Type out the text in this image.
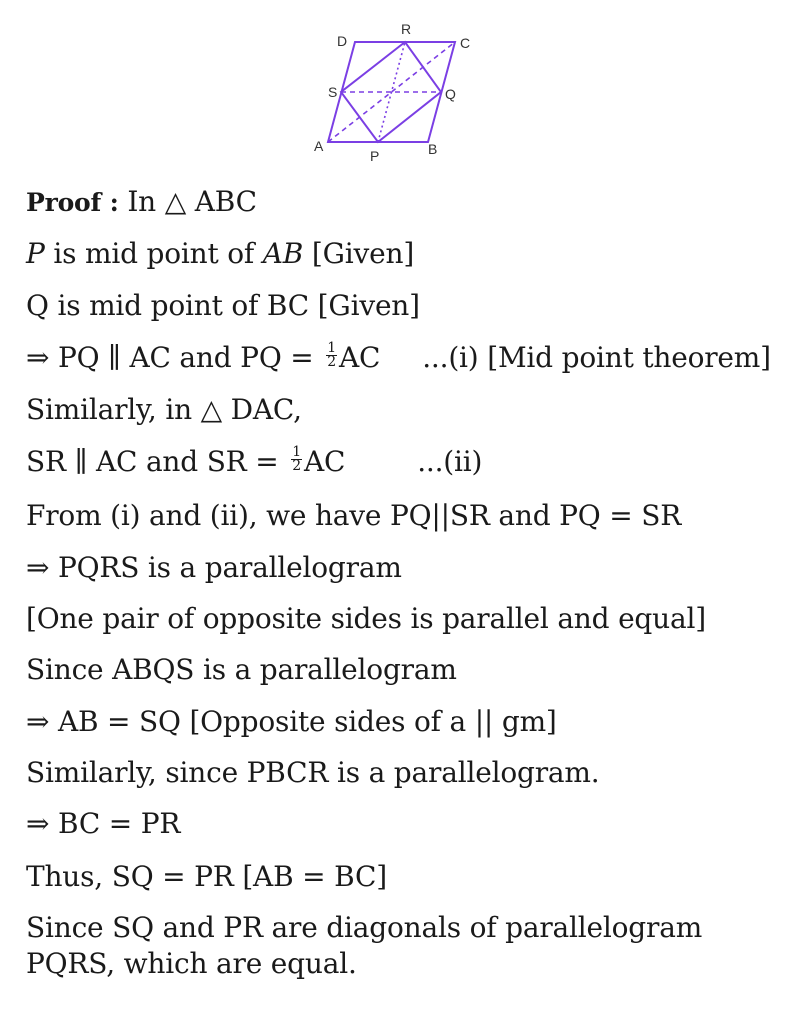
D
R
C
S	Q
A
P	B
Proof : In △ ABC
P is mid point of AB [Given]
Q is mid point of BC [Given]
⇒ PQ ∥ AC and PQ = $\frac{1}{2}$ AC ...(i) [Mid point theorem]
Similarly, in △ DAC,
SR ∥ AC and SR = $\frac{1}{2}$ AC	...(ii)
From (i) and (ii), we have PQ||SR and PQ = SR
⇒ PQRS is a parallelogram
[One pair of opposite sides is parallel and equal]
Since ABQS is a parallelogram
⇒ AB = SQ [Opposite sides of a || gm]
Similarly, since PBCR is a parallelogram.
⇒ BC = PR
Thus, SQ = PR [AB = BC]
Since SQ and PR are diagonals of parallelogram
PQRS, which are equal.
